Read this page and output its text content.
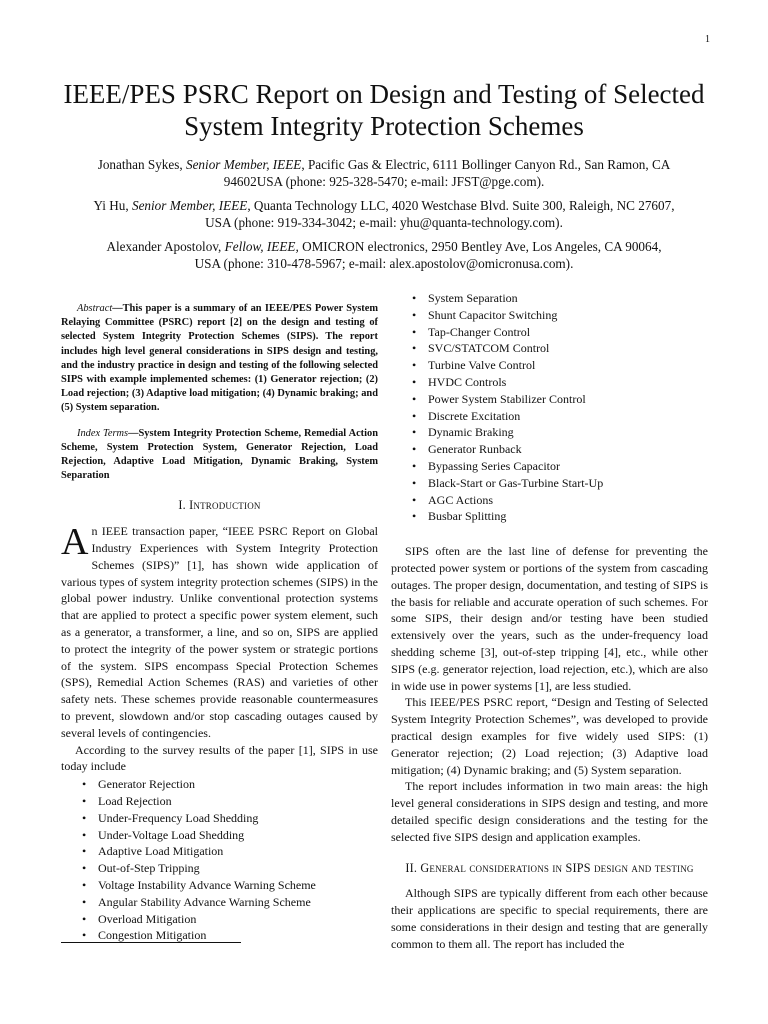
1
IEEE/PES PSRC Report on Design and Testing of Selected System Integrity Protection Schemes

Jonathan Sykes, Senior Member, IEEE, Pacific Gas & Electric, 6111 Bollinger Canyon Rd., San Ramon, CA 94602USA (phone: 925-328-5470; e-mail: JFST@pge.com).

Yi Hu, Senior Member, IEEE, Quanta Technology LLC, 4020 Westchase Blvd. Suite 300, Raleigh, NC 27607, USA (phone: 919-334-3042; e-mail: yhu@quanta-technology.com).

Alexander Apostolov, Fellow, IEEE, OMICRON electronics, 2950 Bentley Ave, Los Angeles, CA 90064, USA (phone: 310-478-5967; e-mail: alex.apostolov@omicronusa.com).

Abstract—This paper is a summary of an IEEE/PES Power System Relaying Committee (PSRC) report [2] on the design and testing of selected System Integrity Protection Schemes (SIPS). The report includes high level general considerations in SIPS design and testing, and the industry practice in design and testing of the following selected SIPS with example implemented schemes: (1) Generator rejection; (2) Load rejection; (3) Adaptive load mitigation; (4) Dynamic braking; and (5) System separation.

Index Terms—System Integrity Protection Scheme, Remedial Action Scheme, System Protection System, Generator Rejection, Load Rejection, Adaptive Load Mitigation, Dynamic Braking, System Separation

I. Introduction

An IEEE transaction paper, “IEEE PSRC Report on Global Industry Experiences with System Integrity Protection Schemes (SIPS)” [1], has shown wide application of various types of system integrity protection schemes (SIPS) in the global power industry. Unlike conventional protection systems that are applied to protect a specific power system element, such as a generator, a transformer, a line, and so on, SIPS are applied to protect the integrity of the power system or strategic portions of the system. SIPS encompass Special Protection Schemes (SPS), Remedial Action Schemes (RAS) and varieties of other safety nets. These schemes provide reasonable countermeasures to prevent, slowdown and/or stop cascading outages caused by several levels of contingencies.

According to the survey results of the paper [1], SIPS in use today include

• Generator Rejection
• Load Rejection
• Under-Frequency Load Shedding
• Under-Voltage Load Shedding
• Adaptive Load Mitigation
• Out-of-Step Tripping
• Voltage Instability Advance Warning Scheme
• Angular Stability Advance Warning Scheme
• Overload Mitigation
• Congestion Mitigation
• System Separation
• Shunt Capacitor Switching
• Tap-Changer Control
• SVC/STATCOM Control
• Turbine Valve Control
• HVDC Controls
• Power System Stabilizer Control
• Discrete Excitation
• Dynamic Braking
• Generator Runback
• Bypassing Series Capacitor
• Black-Start or Gas-Turbine Start-Up
• AGC Actions
• Busbar Splitting

SIPS often are the last line of defense for preventing the protected power system or portions of the system from cascading outages. The proper design, documentation, and testing of SIPS is the basis for reliable and accurate operation of such schemes. For some SIPS, their design and/or testing have been studied extensively over the years, such as the under-frequency load shedding scheme [3], out-of-step tripping [4], etc., while other SIPS (e.g. generator rejection, load rejection, etc.), which are also in wide use in power systems [1], are less studied.

This IEEE/PES PSRC report, “Design and Testing of Selected System Integrity Protection Schemes”, was developed to provide practical design examples for five widely used SIPS: (1) Generator rejection; (2) Load rejection; (3) Adaptive load mitigation; (4) Dynamic braking; and (5) System separation.

The report includes information in two main areas: the high level general considerations in SIPS design and testing, and more detailed specific design considerations and the testing for the selected five SIPS design and application examples.

II. General considerations in SIPS design and testing

Although SIPS are typically different from each other because their applications are specific to special requirements, there are some considerations in their design and testing that are generally common to them all. The report has included the
